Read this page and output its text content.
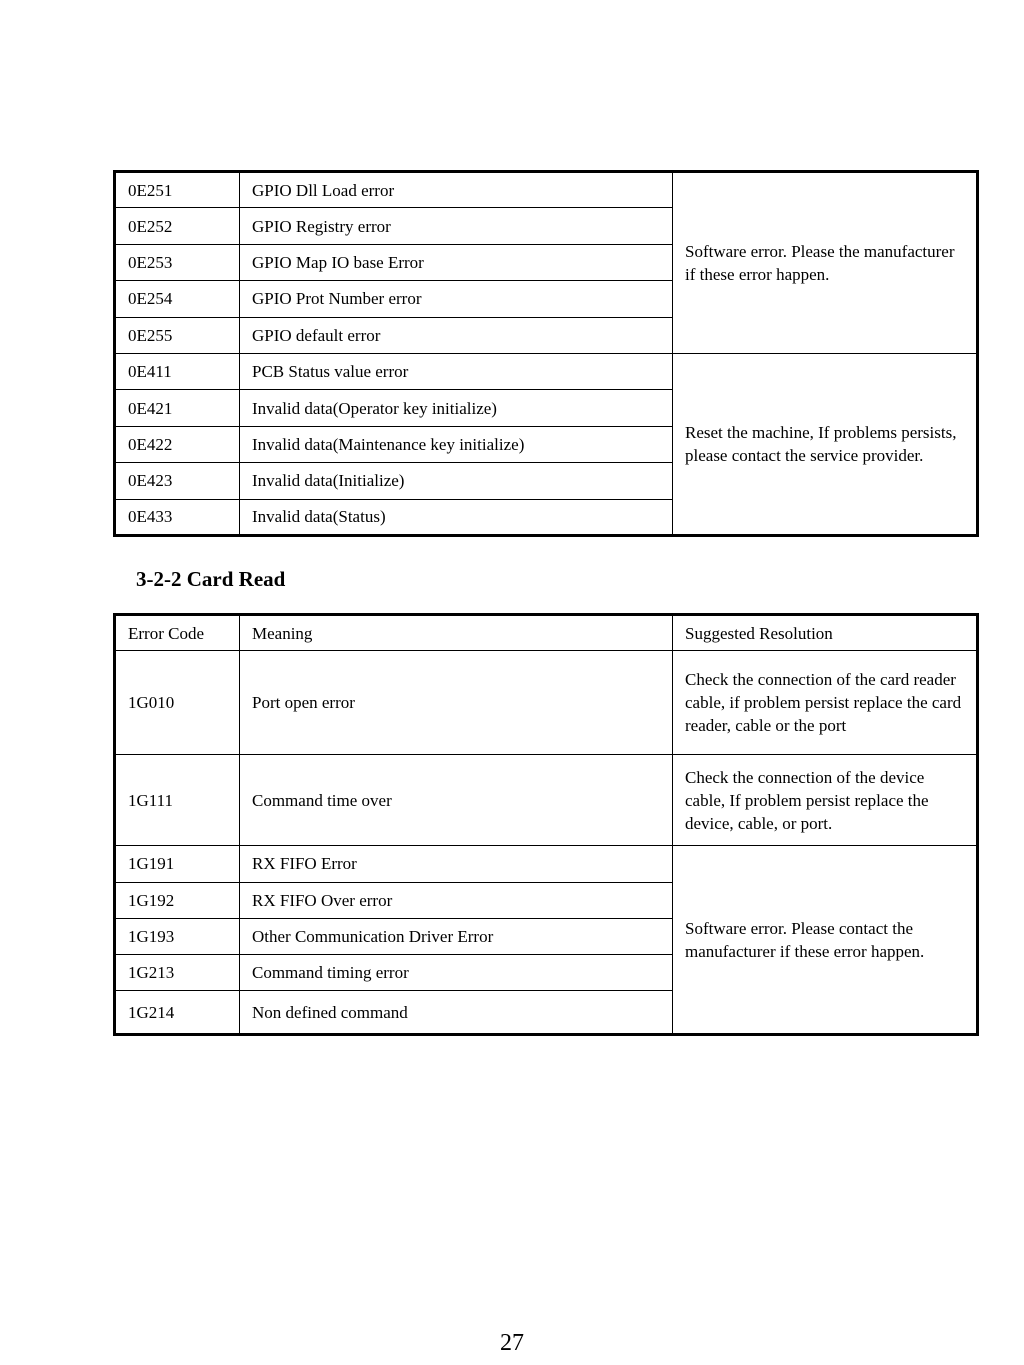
0E251	GPIO Dll Load error	Software error. Please the manufacturer if these error happen.
0E252	GPIO Registry error	
0E253	GPIO Map IO base Error	
0E254	GPIO Prot Number error	
0E255	GPIO default error	
0E411	PCB Status value error	Reset the machine, If problems persists, please contact the service provider.
0E421	Invalid data(Operator key initialize)	
0E422	Invalid data(Maintenance key initialize)	
0E423	Invalid data(Initialize)	
0E433	Invalid data(Status)	
3-2-2 Card Read
Error Code	Meaning	Suggested Resolution
1G010	Port open error	Check the connection of the card reader cable, if problem persist replace the card reader, cable or the port
1G111	Command time over	Check the connection of the device cable, If problem persist replace the device, cable, or port.
1G191	RX FIFO Error	Software error. Please contact the manufacturer if these error happen.
1G192	RX FIFO Over error	
1G193	Other Communication Driver Error	
1G213	Command timing error	
1G214	Non defined command	
27
